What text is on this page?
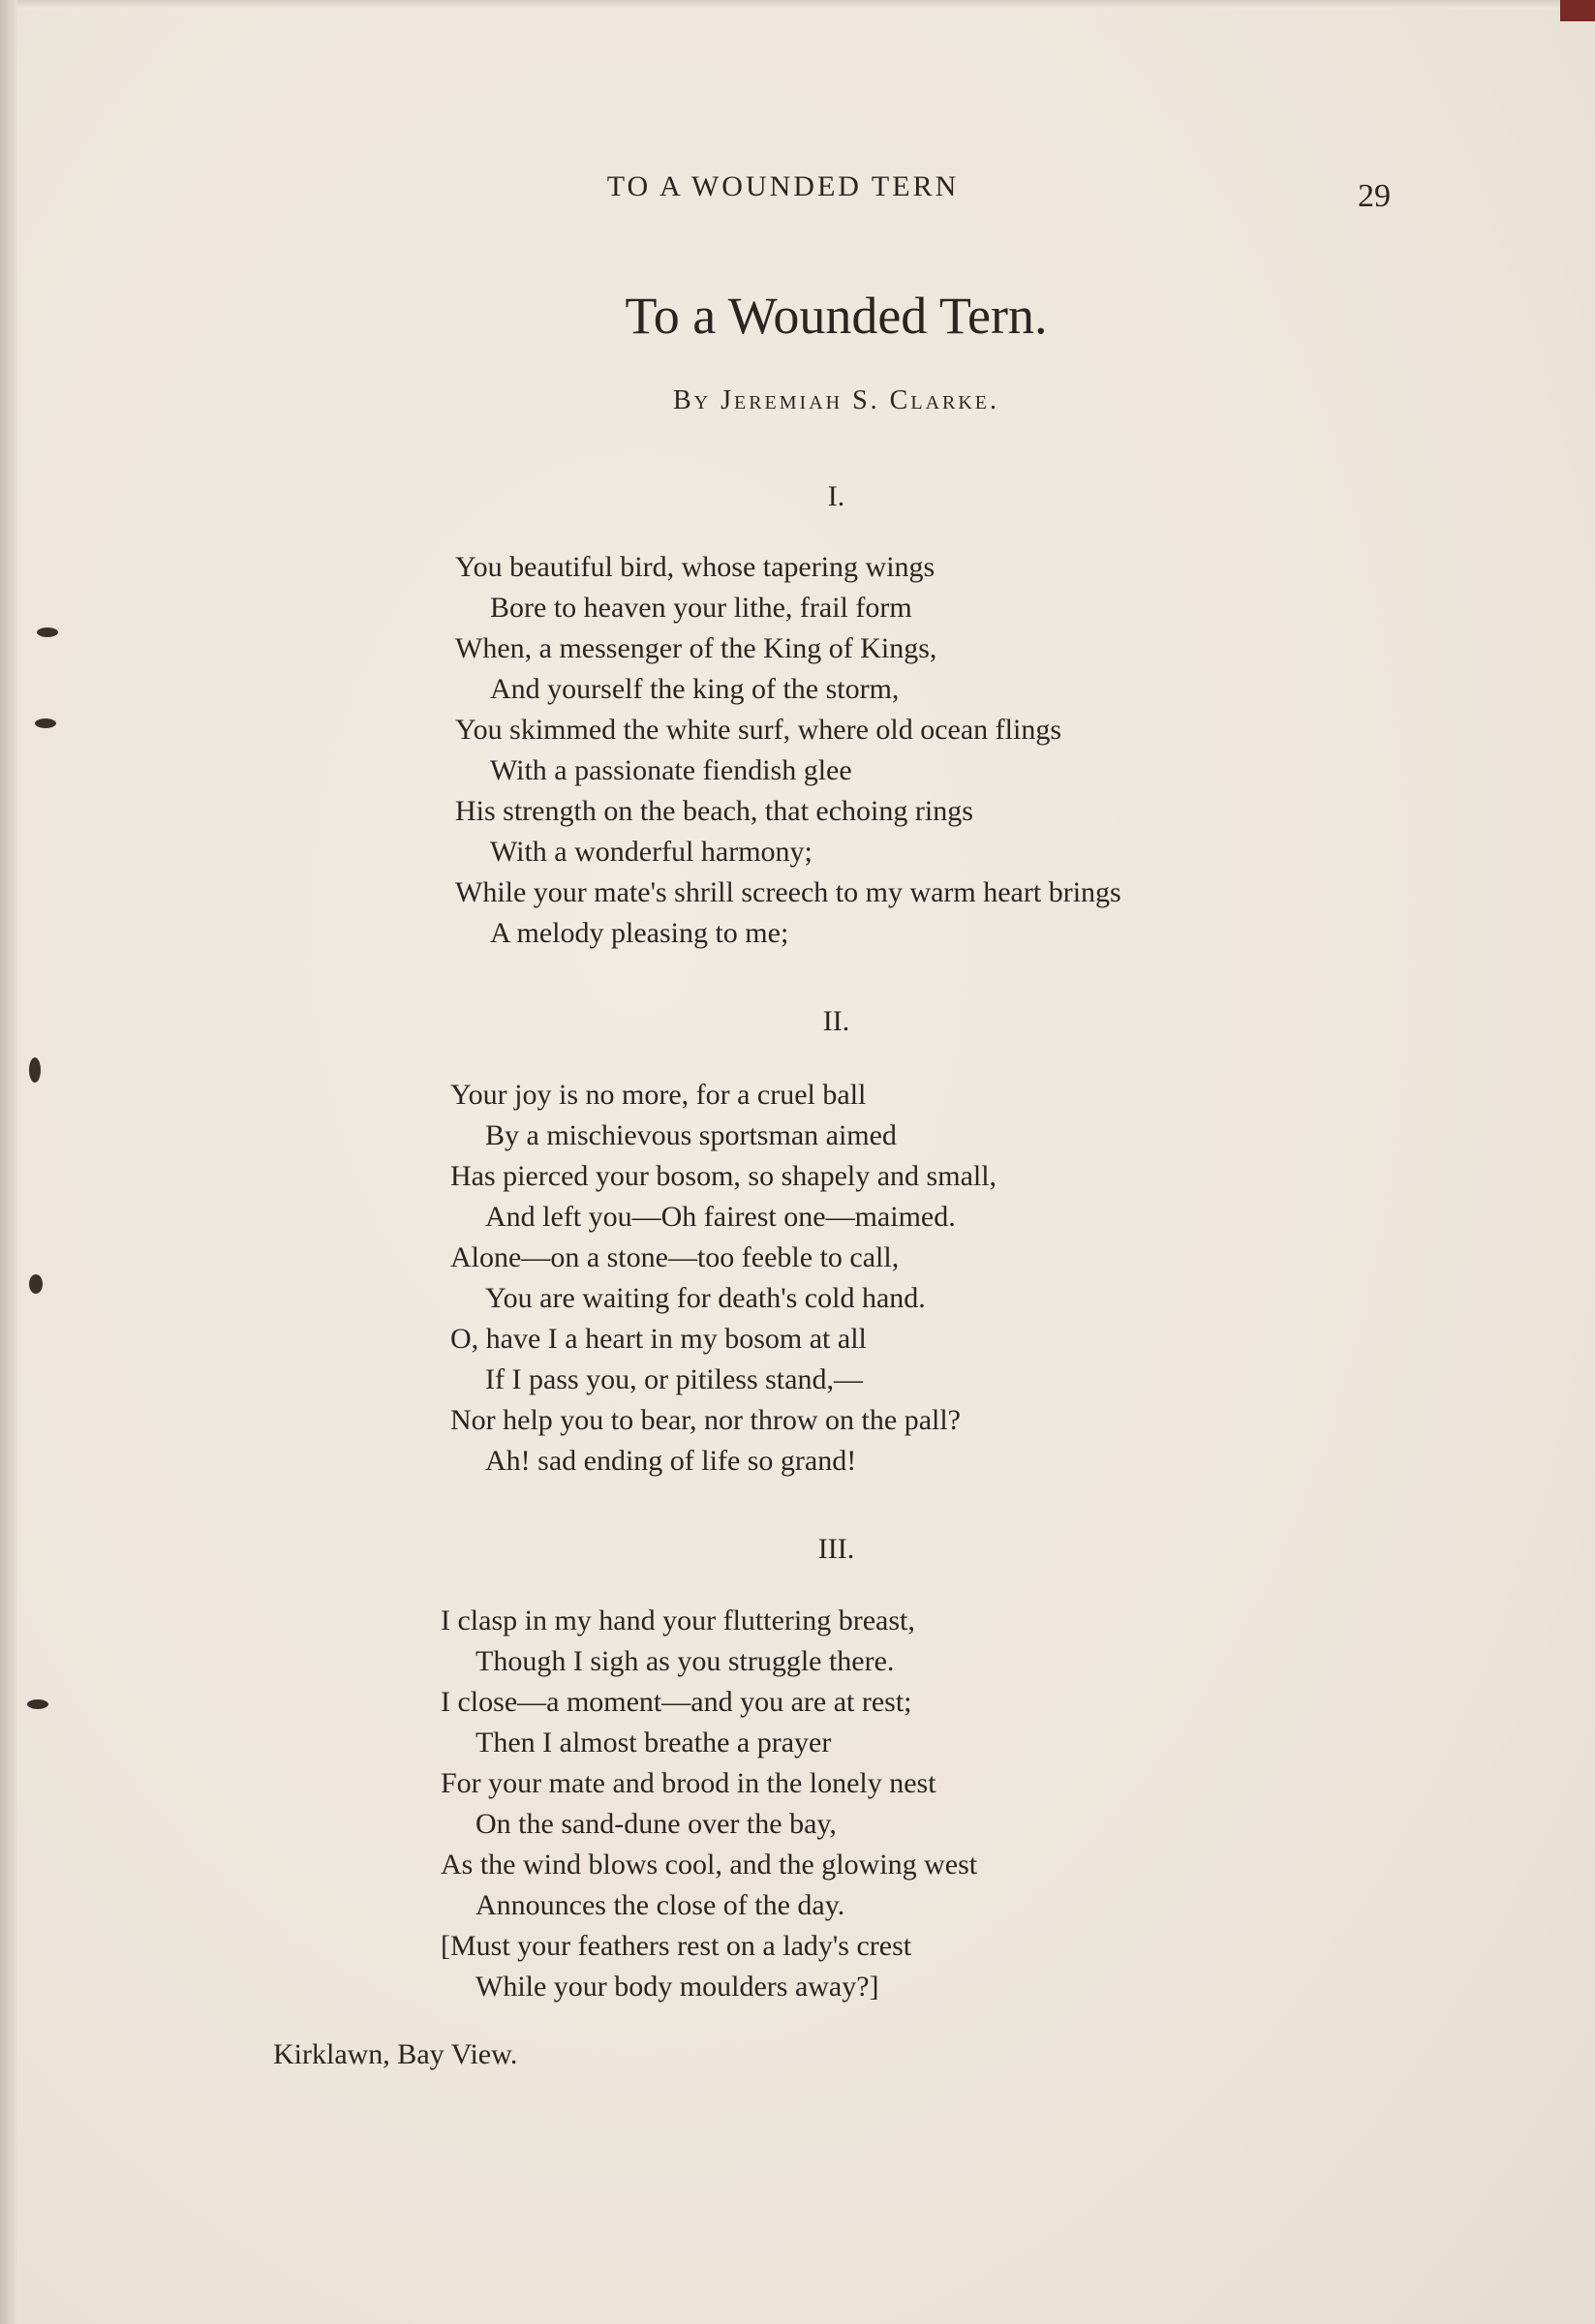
TO A WOUNDED TERN	29
To a Wounded Tern.
By Jeremiah S. Clarke.
I.
You beautiful bird, whose tapering wings
Bore to heaven your lithe, frail form
When, a messenger of the King of Kings,
And yourself the king of the storm,
You skimmed the white surf, where old ocean flings
With a passionate fiendish glee
His strength on the beach, that echoing rings
With a wonderful harmony;
While your mate's shrill screech to my warm heart brings
A melody pleasing to me;
II.
Your joy is no more, for a cruel ball
By a mischievous sportsman aimed
Has pierced your bosom, so shapely and small,
And left you—Oh fairest one—maimed.
Alone—on a stone—too feeble to call,
You are waiting for death's cold hand.
O, have I a heart in my bosom at all
If I pass you, or pitiless stand,—
Nor help you to bear, nor throw on the pall?
Ah! sad ending of life so grand!
III.
I clasp in my hand your fluttering breast,
Though I sigh as you struggle there.
I close—a moment—and you are at rest;
Then I almost breathe a prayer
For your mate and brood in the lonely nest
On the sand-dune over the bay,
As the wind blows cool, and the glowing west
Announces the close of the day.
[Must your feathers rest on a lady's crest
While your body moulders away?]
Kirklawn, Bay View.
